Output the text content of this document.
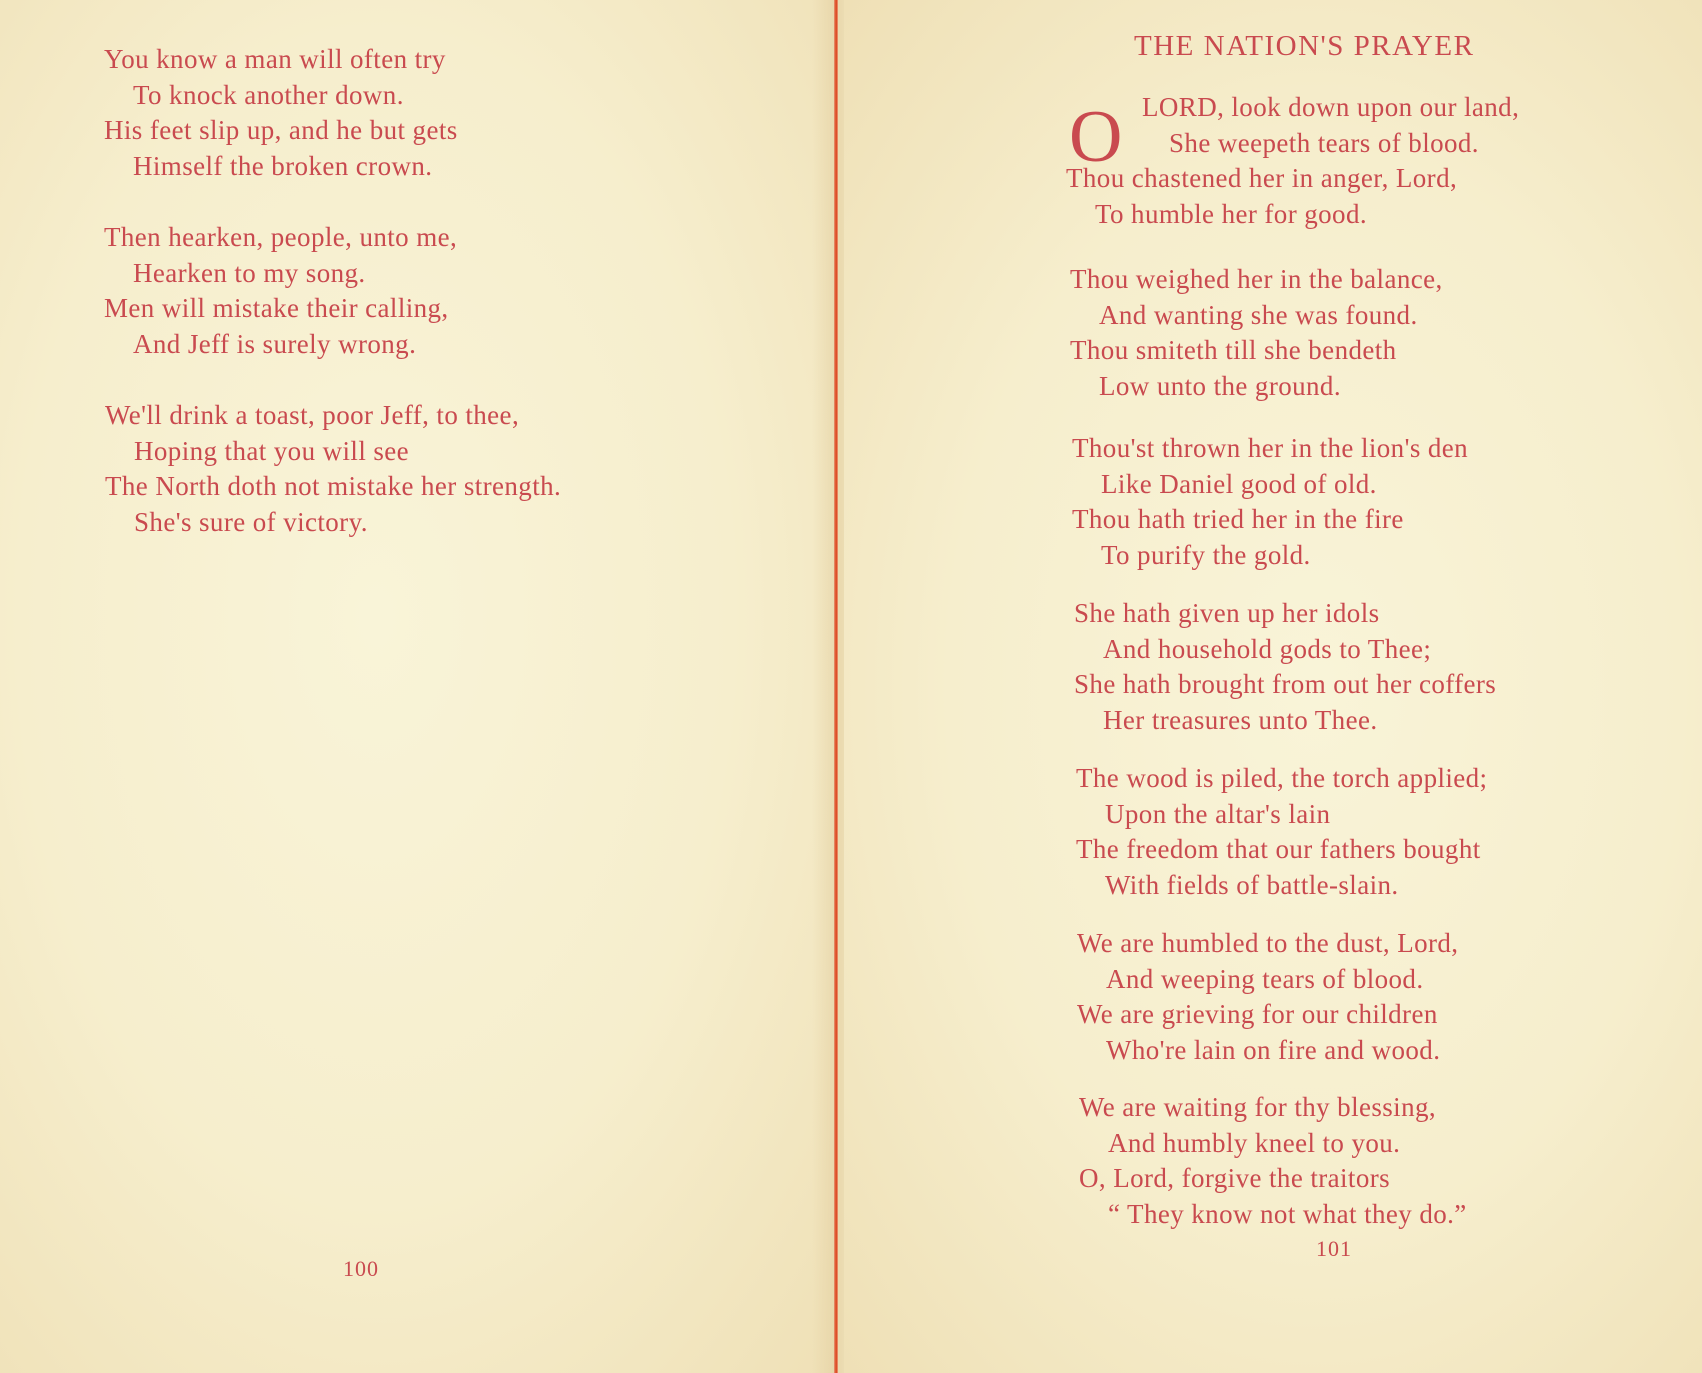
You know a man will often try
To knock another down.
His feet slip up, and he but gets
Himself the broken crown.
Then hearken, people, unto me,
Hearken to my song.
Men will mistake their calling,
And Jeff is surely wrong.
We'll drink a toast, poor Jeff, to thee,
Hoping that you will see
The North doth not mistake her strength.
She's sure of victory.
100
THE NATION'S PRAYER
O LORD, look down upon our land,
She weepeth tears of blood.
Thou chastened her in anger, Lord,
To humble her for good.
Thou weighed her in the balance,
And wanting she was found.
Thou smiteth till she bendeth
Low unto the ground.
Thou'st thrown her in the lion's den
Like Daniel good of old.
Thou hath tried her in the fire
To purify the gold.
She hath given up her idols
And household gods to Thee;
She hath brought from out her coffers
Her treasures unto Thee.
The wood is piled, the torch applied;
Upon the altar's lain
The freedom that our fathers bought
With fields of battle-slain.
We are humbled to the dust, Lord,
And weeping tears of blood.
We are grieving for our children
Who're lain on fire and wood.
We are waiting for thy blessing,
And humbly kneel to you.
O, Lord, forgive the traitors
“ They know not what they do.”
101
